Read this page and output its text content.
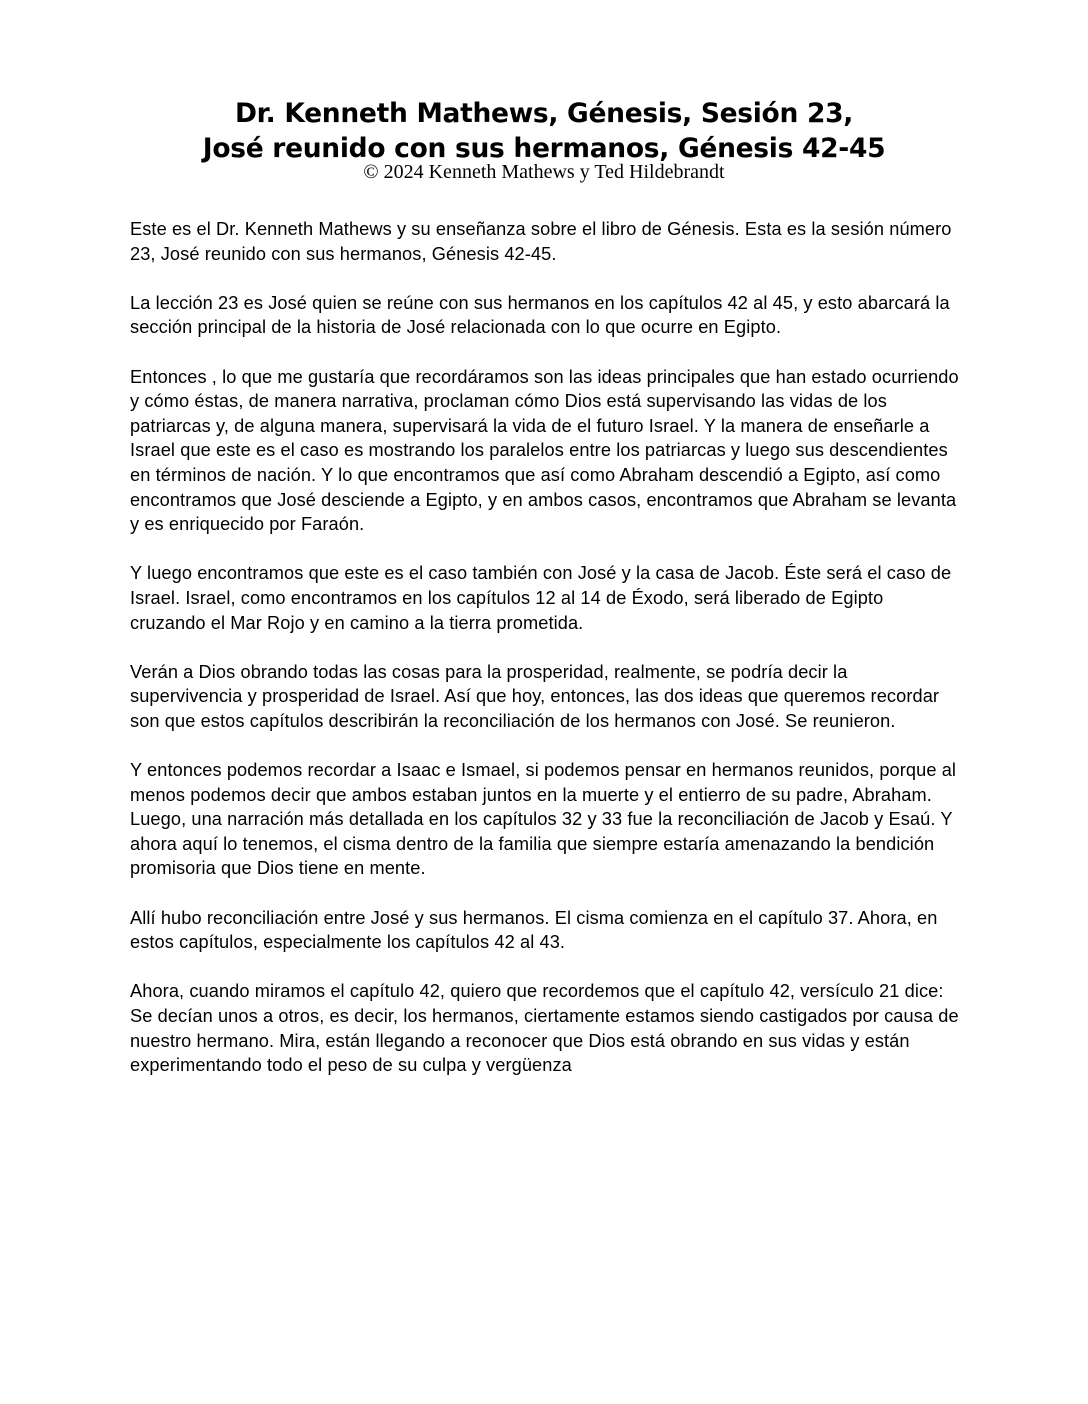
Dr. Kenneth Mathews, Génesis, Sesión 23,
José reunido con sus hermanos, Génesis 42-45

© 2024 Kenneth Mathews y Ted Hildebrandt

Este es el Dr. Kenneth Mathews y su enseñanza sobre el libro de Génesis. Esta es la sesión número 23, José reunido con sus hermanos, Génesis 42-45.

La lección 23 es José quien se reúne con sus hermanos en los capítulos 42 al 45, y esto abarcará la sección principal de la historia de José relacionada con lo que ocurre en Egipto.

Entonces , lo que me gustaría que recordáramos son las ideas principales que han estado ocurriendo y cómo éstas, de manera narrativa, proclaman cómo Dios está supervisando las vidas de los patriarcas y, de alguna manera, supervisará la vida de el futuro Israel. Y la manera de enseñarle a Israel que este es el caso es mostrando los paralelos entre los patriarcas y luego sus descendientes en términos de nación. Y lo que encontramos que así como Abraham descendió a Egipto, así como encontramos que José desciende a Egipto, y en ambos casos, encontramos que Abraham se levanta y es enriquecido por Faraón.

Y luego encontramos que este es el caso también con José y la casa de Jacob. Éste será el caso de Israel. Israel, como encontramos en los capítulos 12 al 14 de Éxodo, será liberado de Egipto cruzando el Mar Rojo y en camino a la tierra prometida.

Verán a Dios obrando todas las cosas para la prosperidad, realmente, se podría decir la supervivencia y prosperidad de Israel. Así que hoy, entonces, las dos ideas que queremos recordar son que estos capítulos describirán la reconciliación de los hermanos con José. Se reunieron.

Y entonces podemos recordar a Isaac e Ismael, si podemos pensar en hermanos reunidos, porque al menos podemos decir que ambos estaban juntos en la muerte y el entierro de su padre, Abraham. Luego, una narración más detallada en los capítulos 32 y 33 fue la reconciliación de Jacob y Esaú. Y ahora aquí lo tenemos, el cisma dentro de la familia que siempre estaría amenazando la bendición promisoria que Dios tiene en mente.

Allí hubo reconciliación entre José y sus hermanos. El cisma comienza en el capítulo 37. Ahora, en estos capítulos, especialmente los capítulos 42 al 43.

Ahora, cuando miramos el capítulo 42, quiero que recordemos que el capítulo 42, versículo 21 dice: Se decían unos a otros, es decir, los hermanos, ciertamente estamos siendo castigados por causa de nuestro hermano. Mira, están llegando a reconocer que Dios está obrando en sus vidas y están experimentando todo el peso de su culpa y vergüenza
